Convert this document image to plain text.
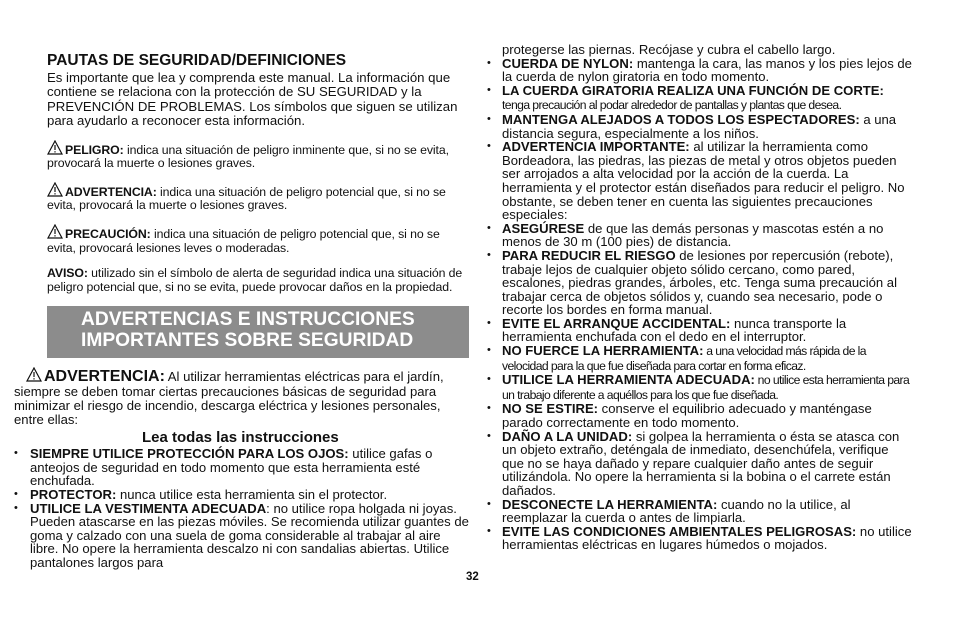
PAUTAS DE SEGURIDAD/DEFINICIONES

Es importante que lea y comprenda este manual. La información que contiene se relaciona con la protección de SU SEGURIDAD y la PREVENCIÓN DE PROBLEMAS. Los símbolos que siguen se utilizan para ayudarlo a reconocer esta información.

PELIGRO: indica una situación de peligro inminente que, si no se evita, provocará la muerte o lesiones graves.

ADVERTENCIA: indica una situación de peligro potencial que, si no se evita, provocará la muerte o lesiones graves.

PRECAUCIÓN: indica una situación de peligro potencial que, si no se evita, provocará lesiones leves o moderadas.

AVISO: utilizado sin el símbolo de alerta de seguridad indica una situación de peligro potencial que, si no se evita, puede provocar daños en la propiedad.

ADVERTENCIAS E INSTRUCCIONES
IMPORTANTES SOBRE SEGURIDAD

ADVERTENCIA: Al utilizar herramientas eléctricas para el jardín, siempre se deben tomar ciertas precauciones básicas de seguridad para minimizar el riesgo de incendio, descarga eléctrica y lesiones personales, entre ellas:

Lea todas las instrucciones
• SIEMPRE UTILICE PROTECCIÓN PARA LOS OJOS: utilice gafas o anteojos de seguridad en todo momento que esta herramienta esté enchufada.
• PROTECTOR: nunca utilice esta herramienta sin el protector.
• UTILICE LA VESTIMENTA ADECUADA: no utilice ropa holgada ni joyas. Pueden atascarse en las piezas móviles. Se recomienda utilizar guantes de goma y calzado con una suela de goma considerable al trabajar al aire libre. No opere la herramienta descalzo ni con sandalias abiertas. Utilice pantalones largos para

protegerse las piernas. Recójase y cubra el cabello largo.

• CUERDA DE NYLON: mantenga la cara, las manos y los pies lejos de la cuerda de nylon giratoria en todo momento.
• LA CUERDA GIRATORIA REALIZA UNA FUNCIÓN DE CORTE: tenga precaución al podar alrededor de pantallas y plantas que desea.
• MANTENGA ALEJADOS A TODOS LOS ESPECTADORES: a una distancia segura, especialmente a los niños.
• ADVERTENCIA IMPORTANTE: al utilizar la herramienta como Bordeadora, las piedras, las piezas de metal y otros objetos pueden ser arrojados a alta velocidad por la acción de la cuerda. La herramienta y el protector están diseñados para reducir el peligro. No obstante, se deben tener en cuenta las siguientes precauciones especiales:
• ASEGÚRESE de que las demás personas y mascotas estén a no menos de 30 m (100 pies) de distancia.
• PARA REDUCIR EL RIESGO de lesiones por repercusión (rebote), trabaje lejos de cualquier objeto sólido cercano, como pared, escalones, piedras grandes, árboles, etc. Tenga suma precaución al trabajar cerca de objetos sólidos y, cuando sea necesario, pode o recorte los bordes en forma manual.
• EVITE EL ARRANQUE ACCIDENTAL: nunca transporte la herramienta enchufada con el dedo en el interruptor.
• NO FUERCE LA HERRAMIENTA: a una velocidad más rápida de la velocidad para la que fue diseñada para cortar en forma eficaz.
• UTILICE LA HERRAMIENTA ADECUADA: no utilice esta herramienta para un trabajo diferente a aquéllos para los que fue diseñada.
• NO SE ESTIRE: conserve el equilibrio adecuado y manténgase parado correctamente en todo momento.
• DAÑO A LA UNIDAD: si golpea la herramienta o ésta se atasca con un objeto extraño, deténgala de inmediato, desenchúfela, verifique que no se haya dañado y repare cualquier daño antes de seguir utilizándola. No opere la herramienta si la bobina o el carrete están dañados.
• DESCONECTE LA HERRAMIENTA: cuando no la utilice, al reemplazar la cuerda o antes de limpiarla.
• EVITE LAS CONDICIONES AMBIENTALES PELIGROSAS: no utilice herramientas eléctricas en lugares húmedos o mojados.
32
